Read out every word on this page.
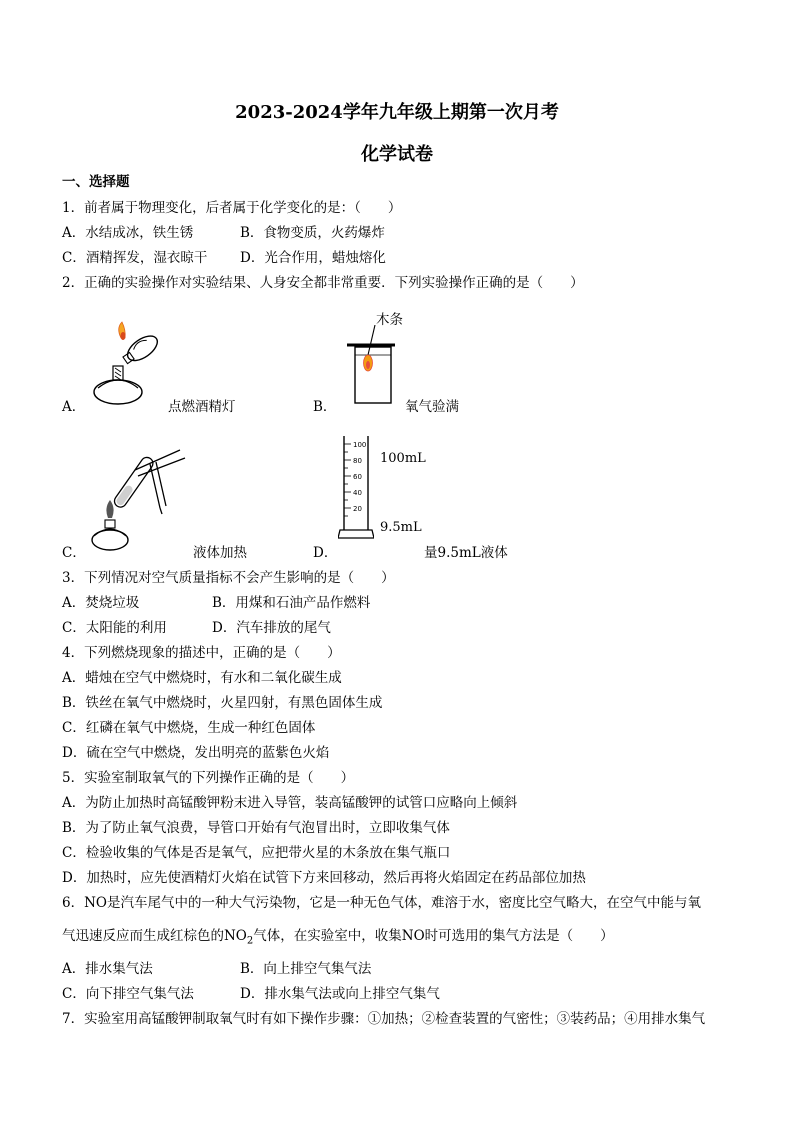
2023-2024学年九年级上期第一次月考
化学试卷
一、选择题
1．前者属于物理变化，后者属于化学变化的是：（　　）
A．水结成冰，铁生锈	B．食物变质，火药爆炸
C．酒精挥发，湿衣晾干 D．光合作用，蜡烛熔化
2．正确的实验操作对实验结果、人身安全都非常重要．下列实验操作正确的是（　　）
A．	点燃酒精灯	B．
木条
氧气验满
C．	液体加热	D．
100
80
60
40
20
100mL
9.5mL
量9.5mL液体
3．下列情况对空气质量指标不会产生影响的是（　　）
A．焚烧垃圾	B．用煤和石油产品作燃料
C．太阳能的利用	D．汽车排放的尾气
4．下列燃烧现象的描述中，正确的是（　　）
A．蜡烛在空气中燃烧时，有水和二氧化碳生成
B．铁丝在氧气中燃烧时，火星四射，有黑色固体生成
C．红磷在氧气中燃烧，生成一种红色固体
D．硫在空气中燃烧，发出明亮的蓝紫色火焰
5．实验室制取氧气的下列操作正确的是（　　）
A．为防止加热时高锰酸钾粉末进入导管，装高锰酸钾的试管口应略向上倾斜
B．为了防止氧气浪费，导管口开始有气泡冒出时，立即收集气体
C．检验收集的气体是否是氧气，应把带火星的木条放在集气瓶口
D．加热时，应先使酒精灯火焰在试管下方来回移动，然后再将火焰固定在药品部位加热
6．NO是汽车尾气中的一种大气污染物，它是一种无色气体，难溶于水，密度比空气略大，在空气中能与氧
气迅速反应而生成红棕色的$NO_2$气体，在实验室中，收集NO时可选用的集气方法是（　　）
A．排水集气法	B．向上排空气集气法
C．向下排空气集气法	D．排水集气法或向上排空气集气
7．实验室用高锰酸钾制取氧气时有如下操作步骤：①加热；②检查装置的气密性；③装药品；④用排水集气
